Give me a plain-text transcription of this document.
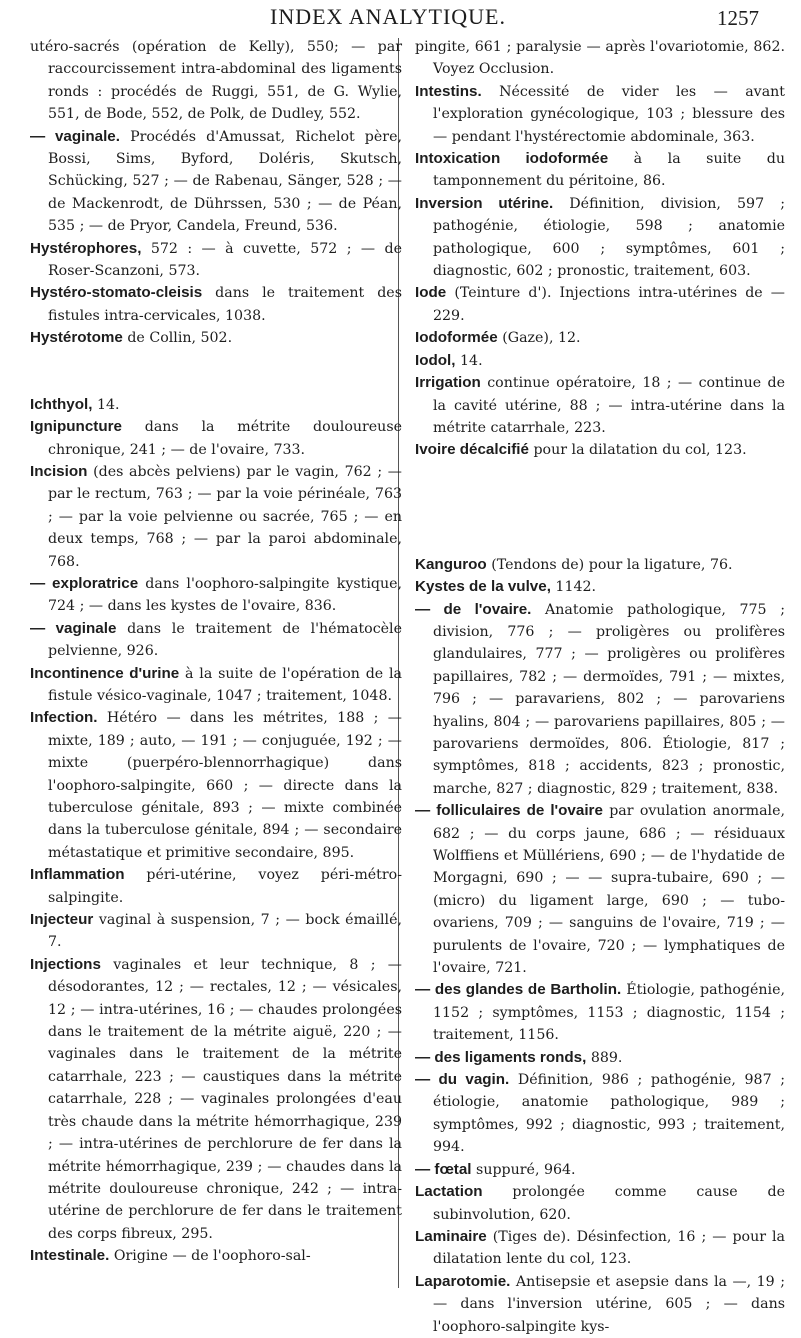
INDEX ANALYTIQUE.	1257

utéro-sacrés (opération de Kelly), 550; — par raccourcissement intra-abdominal des ligaments ronds : procédés de Ruggi, 551, de G. Wylie, 551, de Bode, 552, de Polk, de Dudley, 552.

— vaginale. Procédés d'Amussat, Richelot père, Bossi, Sims, Byford, Doléris, Skutsch, Schücking, 527 ; — de Rabenau, Sänger, 528 ; — de Mackenrodt, de Dührssen, 530 ; — de Péan, 535 ; — de Pryor, Candela, Freund, 536.

Hystérophores, 572 : — à cuvette, 572 ; — de Roser-Scanzoni, 573.

Hystéro-stomato-cleisis dans le traitement des fistules intra-cervicales, 1038.

Hystérotome de Collin, 502.

Ichthyol, 14.

Ignipuncture dans la métrite douloureuse chronique, 241 ; — de l'ovaire, 733.

Incision (des abcès pelviens) par le vagin, 762 ; — par le rectum, 763 ; — par la voie périnéale, 763 ; — par la voie pelvienne ou sacrée, 765 ; — en deux temps, 768 ; — par la paroi abdominale, 768.

— exploratrice dans l'oophoro-salpingite kystique, 724 ; — dans les kystes de l'ovaire, 836.

— vaginale dans le traitement de l'hématocèle pelvienne, 926.

Incontinence d'urine à la suite de l'opération de la fistule vésico-vaginale, 1047 ; traitement, 1048.

Infection. Hétéro — dans les métrites, 188 ; — mixte, 189 ; auto, — 191 ; — conjuguée, 192 ; — mixte (puerpéro-blennorrhagique) dans l'oophoro-salpingite, 660 ; — directe dans la tuberculose génitale, 893 ; — mixte combinée dans la tuberculose génitale, 894 ; — secondaire métastatique et primitive secondaire, 895.

Inflammation péri-utérine, voyez péri-métro-salpingite.

Injecteur vaginal à suspension, 7 ; — bock émaillé, 7.

Injections vaginales et leur technique, 8 ; — désodorantes, 12 ; — rectales, 12 ; — vésicales, 12 ; — intra-utérines, 16 ; — chaudes prolongées dans le traitement de la métrite aiguë, 220 ; — vaginales dans le traitement de la métrite catarrhale, 223 ; — caustiques dans la métrite catarrhale, 228 ; — vaginales prolongées d'eau très chaude dans la métrite hémorrhagique, 239 ; — intra-utérines de perchlorure de fer dans la métrite hémorrhagique, 239 ; — chaudes dans la métrite douloureuse chronique, 242 ; — intra-utérine de perchlorure de fer dans le traitement des corps fibreux, 295.

Intestinale. Origine — de l'oophoro-sal-

pingite, 661 ; paralysie — après l'ovariotomie, 862. Voyez Occlusion.

Intestins. Nécessité de vider les — avant l'exploration gynécologique, 103 ; blessure des — pendant l'hystérectomie abdominale, 363.

Intoxication iodoformée à la suite du tamponnement du péritoine, 86.

Inversion utérine. Définition, division, 597 ; pathogénie, étiologie, 598 ; anatomie pathologique, 600 ; symptômes, 601 ; diagnostic, 602 ; pronostic, traitement, 603.

Iode (Teinture d'). Injections intra-utérines de — 229.

Iodoformée (Gaze), 12.

Iodol, 14.

Irrigation continue opératoire, 18 ; — continue de la cavité utérine, 88 ; — intra-utérine dans la métrite catarrhale, 223.

Ivoire décalcifié pour la dilatation du col, 123.

Kanguroo (Tendons de) pour la ligature, 76.

Kystes de la vulve, 1142.

— de l'ovaire. Anatomie pathologique, 775 ; division, 776 ; — proligères ou prolifères glandulaires, 777 ; — proligères ou prolifères papillaires, 782 ; — dermoïdes, 791 ; — mixtes, 796 ; — paravariens, 802 ; — parovariens hyalins, 804 ; — parovariens papillaires, 805 ; — parovariens dermoïdes, 806. Étiologie, 817 ; symptômes, 818 ; accidents, 823 ; pronostic, marche, 827 ; diagnostic, 829 ; traitement, 838.

— folliculaires de l'ovaire par ovulation anormale, 682 ; — du corps jaune, 686 ; — résiduaux Wolffiens et Müllériens, 690 ; — de l'hydatide de Morgagni, 690 ; — — supra-tubaire, 690 ; — (micro) du ligament large, 690 ; — tubo-ovariens, 709 ; — sanguins de l'ovaire, 719 ; — purulents de l'ovaire, 720 ; — lymphatiques de l'ovaire, 721.

— des glandes de Bartholin. Étiologie, pathogénie, 1152 ; symptômes, 1153 ; diagnostic, 1154 ; traitement, 1156.

— des ligaments ronds, 889.

— du vagin. Définition, 986 ; pathogénie, 987 ; étiologie, anatomie pathologique, 989 ; symptômes, 992 ; diagnostic, 993 ; traitement, 994.

— fœtal suppuré, 964.

Lactation prolongée comme cause de subinvolution, 620.

Laminaire (Tiges de). Désinfection, 16 ; — pour la dilatation lente du col, 123.

Laparotomie. Antisepsie et asepsie dans la —, 19 ; — dans l'inversion utérine, 605 ; — dans l'oophoro-salpingite kys-
